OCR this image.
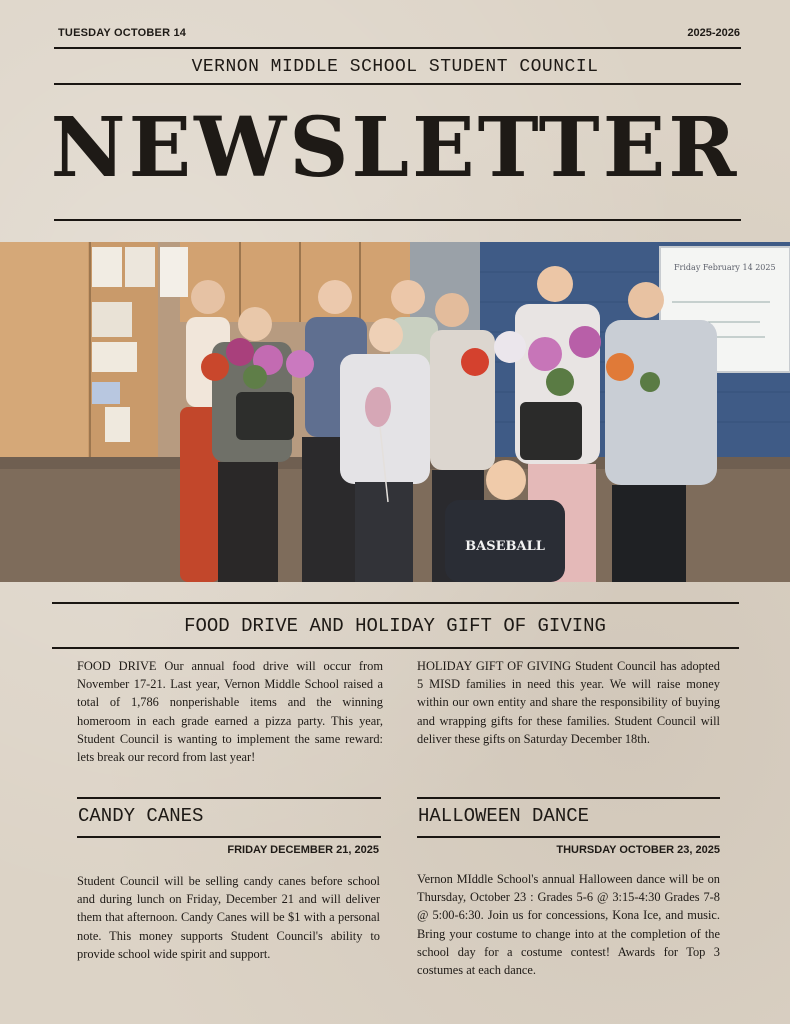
TUESDAY OCTOBER 14	2025-2026
VERNON MIDDLE SCHOOL STUDENT COUNCIL
NEWSLETTER
Friday February 14 2025
BASEBALL
FOOD DRIVE AND HOLIDAY GIFT OF GIVING
FOOD DRIVE Our annual food drive will occur from November 17-21. Last year, Vernon Middle School raised a total of 1,786 nonperishable items and the winning homeroom in each grade earned a pizza party. This year, Student Council is wanting to implement the same reward: lets break our record from last year!
HOLIDAY GIFT OF GIVING Student Council has adopted 5 MISD families in need this year. We will raise money within our own entity and share the responsibility of buying and wrapping gifts for these families. Student Council will deliver these gifts on Saturday December 18th.
CANDY CANES
FRIDAY DECEMBER 21, 2025
Student Council will be selling candy canes before school and during lunch on Friday, December 21 and will deliver them that afternoon. Candy Canes will be $1 with a personal note. This money supports Student Council's ability to provide school wide spirit and support.
HALLOWEEN DANCE
THURSDAY OCTOBER 23, 2025
Vernon MIddle School's annual Halloween dance will be on Thursday, October 23 : Grades 5-6 @ 3:15-4:30 Grades 7-8 @ 5:00-6:30. Join us for concessions, Kona Ice, and music. Bring your costume to change into at the completion of the school day for a costume contest! Awards for Top 3 costumes at each dance.
